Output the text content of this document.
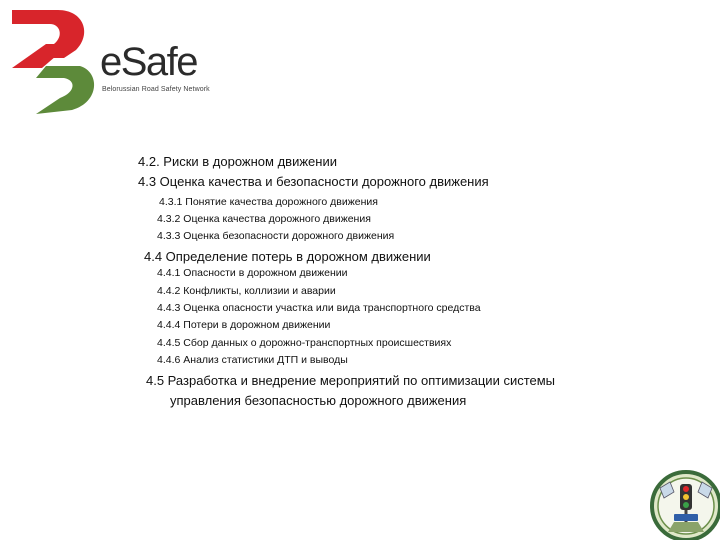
eSafe
Belorussian Road Safety Network
4.2. Риски в дорожном движении
4.3 Оценка качества и безопасности дорожного движения
4.3.1 Понятие качества дорожного движения
4.3.2 Оценка качества дорожного движения
4.3.3 Оценка безопасности дорожного движения
4.4 Определение потерь в дорожном движении
4.4.1 Опасности в дорожном движении
4.4.2 Конфликты, коллизии и аварии
4.4.3 Оценка опасности участка или вида транспортного средства
4.4.4 Потери в дорожном движении
4.4.5 Сбор данных о дорожно-транспортных происшествиях
4.4.6 Анализ статистики ДТП и выводы
4.5 Разработка и внедрение мероприятий по оптимизации системы
управления безопасностью дорожного движения
